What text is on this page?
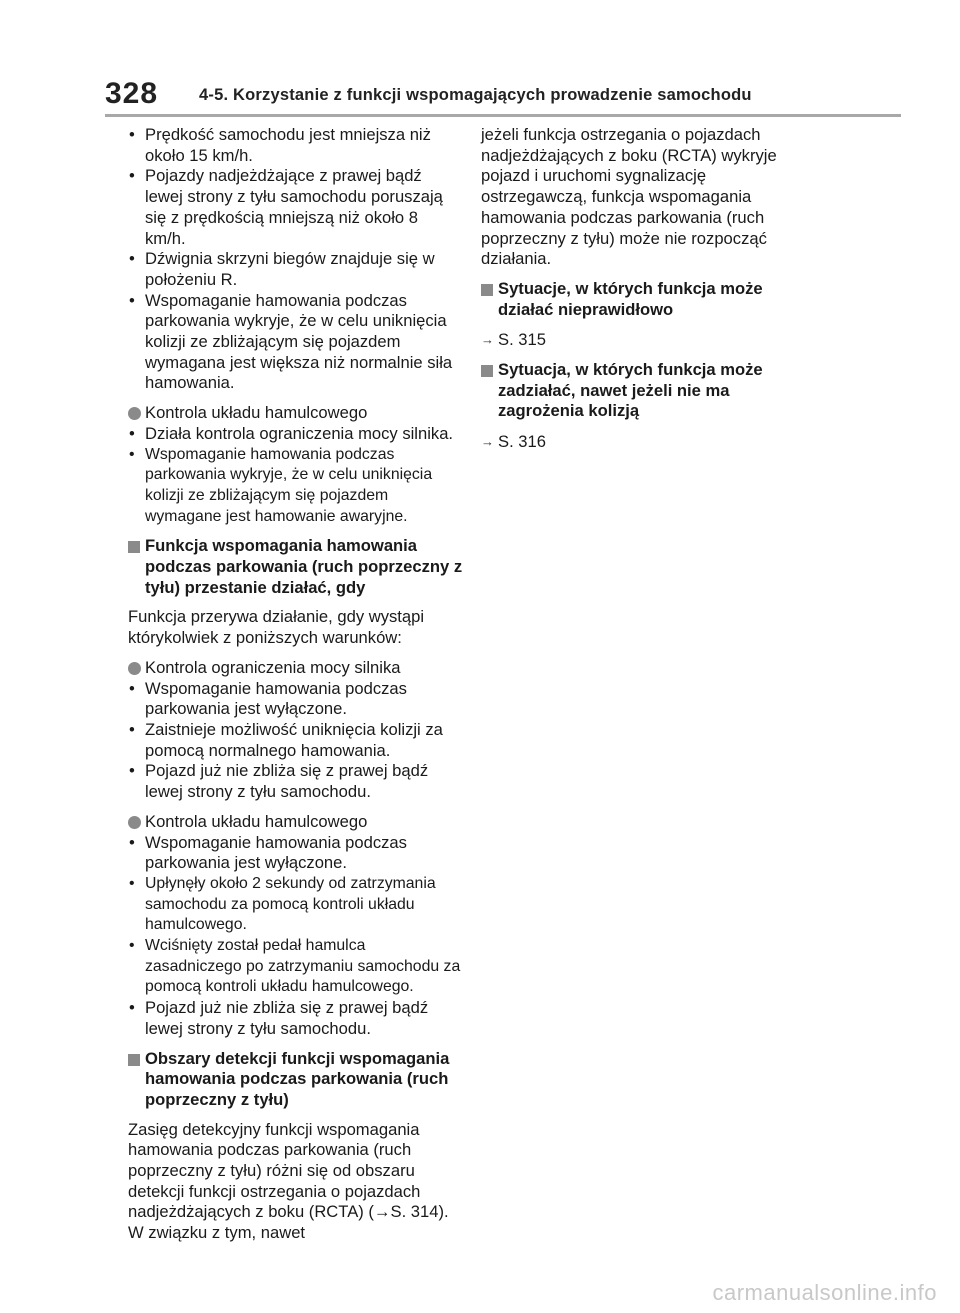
328 4-5. Korzystanie z funkcji wspomagających prowadzenie samochodu
• Prędkość samochodu jest mniejsza niż około 15 km/h.
• Pojazdy nadjeżdżające z prawej bądź lewej strony z tyłu samochodu poruszają się z prędkością mniejszą niż około 8 km/h.
• Dźwignia skrzyni biegów znajduje się w położeniu R.
• Wspomaganie hamowania podczas parkowania wykryje, że w celu uniknięcia kolizji ze zbliżającym się pojazdem wymagana jest większa niż normalnie siła hamowania.
Kontrola układu hamulcowego
• Działa kontrola ograniczenia mocy silnika.
• Wspomaganie hamowania podczas parkowania wykryje, że w celu uniknięcia kolizji ze zbliżającym się pojazdem wymagane jest hamowanie awaryjne.
Funkcja wspomagania hamowania podczas parkowania (ruch poprzeczny z tyłu) przestanie działać, gdy
Funkcja przerywa działanie, gdy wystąpi którykolwiek z poniższych warunków:
Kontrola ograniczenia mocy silnika
• Wspomaganie hamowania podczas parkowania jest wyłączone.
• Zaistnieje możliwość uniknięcia kolizji za pomocą normalnego hamowania.
• Pojazd już nie zbliża się z prawej bądź lewej strony z tyłu samochodu.
Kontrola układu hamulcowego
• Wspomaganie hamowania podczas parkowania jest wyłączone.
• Upłynęły około 2 sekundy od zatrzymania samochodu za pomocą kontroli układu hamulcowego.
• Wciśnięty został pedał hamulca zasadniczego po zatrzymaniu samochodu za pomocą kontroli układu hamulcowego.
• Pojazd już nie zbliża się z prawej bądź lewej strony z tyłu samochodu.
Obszary detekcji funkcji wspomagania hamowania podczas parkowania (ruch poprzeczny z tyłu)
Zasięg detekcyjny funkcji wspomagania hamowania podczas parkowania (ruch poprzeczny z tyłu) różni się od obszaru detekcji funkcji ostrzegania o pojazdach nadjeżdżających z boku (RCTA) (→S. 314). W związku z tym, nawet
jeżeli funkcja ostrzegania o pojazdach nadjeżdżających z boku (RCTA) wykryje pojazd i uruchomi sygnalizację ostrzegawczą, funkcja wspomagania hamowania podczas parkowania (ruch poprzeczny z tyłu) może nie rozpocząć działania.
Sytuacje, w których funkcja może działać nieprawidłowo
→ S. 315
Sytuacja, w których funkcja może zadziałać, nawet jeżeli nie ma zagrożenia kolizją
→ S. 316
carmanualsonline.info
